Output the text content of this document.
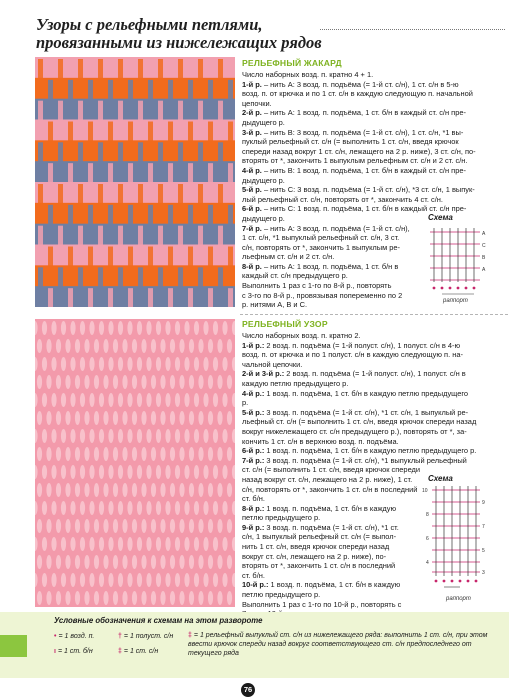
Узоры с рельефными петлями,
провязанными из нижележащих рядов
РЕЛЬЕФНЫЙ ЖАКАРД

Число наборных возд. п. кратно 4 + 1.

1-й р. – нить А: 3 возд. п. подъёма (= 1-й ст. с/н), 1 ст. с/н в 5-ю

возд. п. от крючка и по 1 ст. с/н в каждую следующую п. начальной

цепочки.

2-й р. – нить А: 1 возд. п. подъёма, 1 ст. б/н в каждый ст. с/н пре-

дыдущего р.

3-й р. – нить В: 3 возд. п. подъёма (= 1-й ст. с/н), 1 ст. с/н, *1 вы-

пуклый рельефный ст. с/н (= выполнить 1 ст. с/н, введя крючок

спереди назад вокруг 1 ст. с/н, лежащего на 2 р. ниже), 3 ст. с/н, по-

вторять от *, закончить 1 выпуклым рельефным ст. с/н и 2 ст. с/н.

4-й р. – нить В: 1 возд. п. подъёма, 1 ст. б/н в каждый ст. с/н пре-

дыдущего р.

5-й р. – нить С: 3 возд. п. подъёма (= 1-й ст. с/н), *3 ст. с/н, 1 выпук-

лый рельефный ст. с/н, повторять от *, закончить 4 ст. с/н.

6-й р. – нить С: 1 возд. п. подъёма, 1 ст. б/н в каждый ст. с/н пре-

дыдущего р.

7-й р. – нить А: 3 возд. п. подъёма (= 1-й ст. с/н),

1 ст. с/н, *1 выпуклый рельефный ст. с/н, 3 ст.

с/н, повторять от *, закончить 1 выпуклым ре-

льефным ст. с/н и 2 ст. с/н.

8-й р. – нить А: 1 возд. п. подъёма, 1 ст. б/н в

каждый ст. с/н предыдущего р.

Выполнить 1 раз с 1-го по 8-й р., повторять

с 3-го по 8-й р., провязывая попеременно по 2

р. нитями А, В и С.

Схема
A
C
B
A
раппорт
РЕЛЬЕФНЫЙ УЗОР

Число наборных возд. п. кратно 2.

1-й р.: 2 возд. п. подъёма (= 1-й полуст. с/н), 1 полуст. с/н в 4-ю

возд. п. от крючка и по 1 полуст. с/н в каждую следующую п. на-

чальной цепочки.

2-й и 3-й р.: 2 возд. п. подъёма (= 1-й полуст. с/н), 1 полуст. с/н в

каждую петлю предыдущего р.

4-й р.: 1 возд. п. подъёма, 1 ст. б/н в каждую петлю предыдущего

р.

5-й р.: 3 возд. п. подъёма (= 1-й ст. с/н), *1 ст. с/н, 1 выпуклый ре-

льефный ст. с/н (= выполнить 1 ст. с/н, введя крючок спереди назад

вокруг нижележащего ст. с/н предыдущего р.), повторять от *, за-

кончить 1 ст. с/н в верхнюю возд. п. подъёма.

6-й р.: 1 возд. п. подъёма, 1 ст. б/н в каждую петлю предыдущего р.

7-й р.: 3 возд. п. подъёма (= 1-й ст. с/н), *1 выпуклый рельефный

ст. с/н (= выполнить 1 ст. с/н, введя крючок спереди

назад вокруг ст. с/н, лежащего на 2 р. ниже), 1 ст.

с/н, повторять от *, закончить 1 ст. с/н в последний

ст. б/н.

8-й р.: 1 возд. п. подъёма, 1 ст. б/н в каждую

петлю предыдущего р.

9-й р.: 3 возд. п. подъёма (= 1-й ст. с/н), *1 ст.

с/н, 1 выпуклый рельефный ст. с/н (= выпол-

нить 1 ст. с/н, введя крючок спереди назад

вокруг ст. с/н, лежащего на 2 р. ниже), по-

вторять от *, закончить 1 ст. с/н в последний

ст. б/н.

10-й р.: 1 возд. п. подъёма, 1 ст. б/н в каждую

петлю предыдущего р.

Выполнить 1 раз с 1-го по 10-й р., повторять с

Схема
10
9
8
7
6
5
4
3
раппорт
Условные обозначения к схемам на этом развороте
• = 1 возд. п.
ı = 1 ст. б/н
† = 1 полуст. с/н
‡ = 1 ст. с/н
‡ = 1 рельефный выпуклый ст. с/н из нижележащего ряда: выполнить 1 ст. с/н, при этом ввести крючок спереди назад вокруг соответствующего ст. с/н предпоследнего от текущего ряда
76
